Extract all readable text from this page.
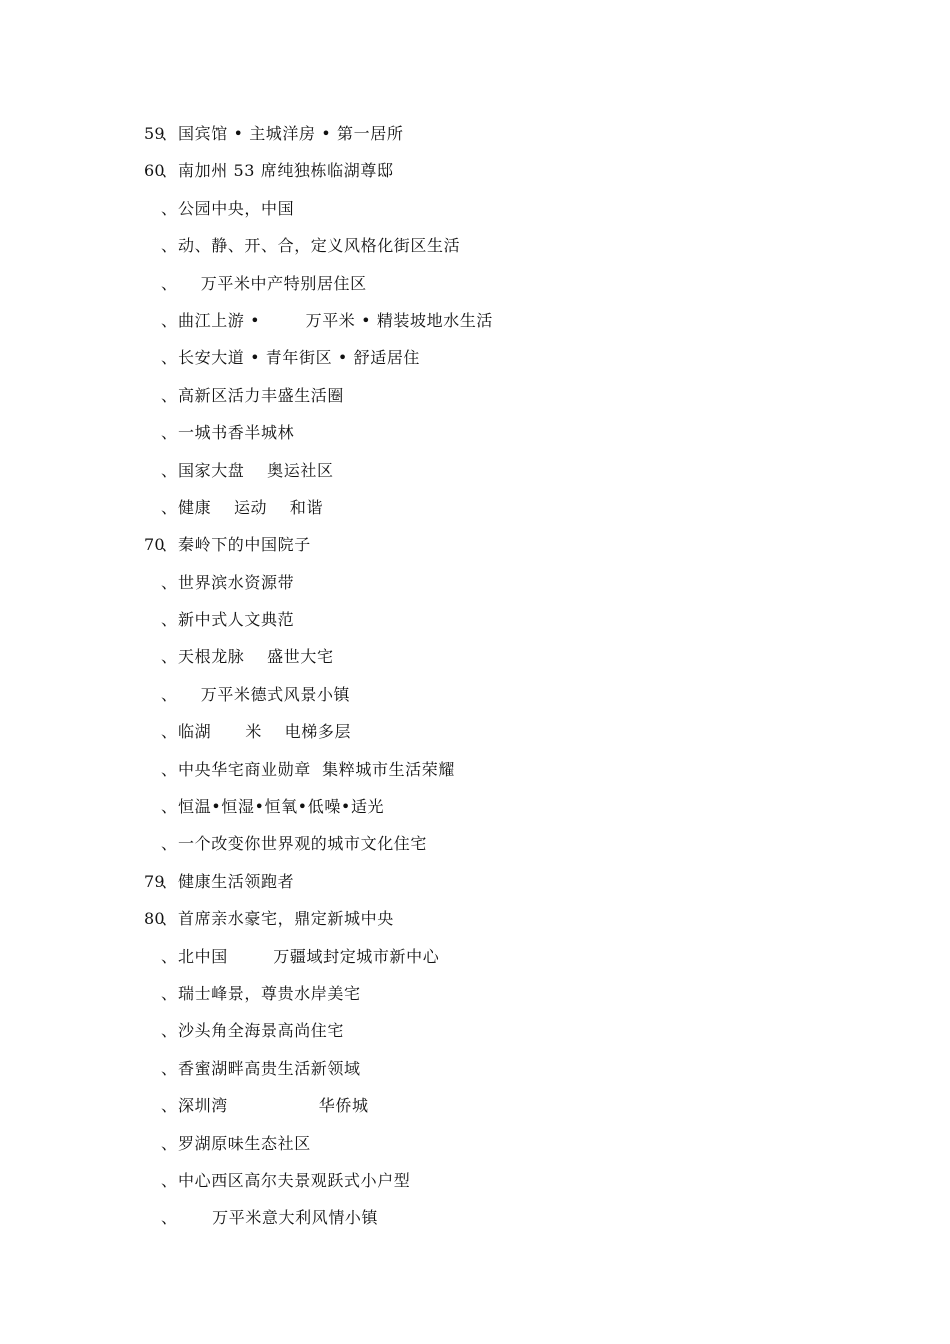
59
、 国宾馆 • 主城洋房 • 第一居所
60
、 南加州 53 席纯独栋临湖尊邸
、 公园中央，中国
、 动、静、开、合，定义风格化街区生活
、 万平米中产特别居住区
、 曲江上游 •        万平米 • 精装坡地水生活
、 长安大道 • 青年街区 • 舒适居住
、 高新区活力丰盛生活圈
、 一城书香半城林
、 国家大盘    奥运社区
、 健康    运动    和谐
70
、 秦岭下的中国院子
、 世界滨水资源带
、 新中式人文典范
、 天根龙脉    盛世大宅
、 万平米德式风景小镇
、 临湖      米    电梯多层
、 中央华宅商业勋章  集粹城市生活荣耀
、 恒温•恒湿•恒氧•低噪•适光
、 一个改变你世界观的城市文化住宅
79
、 健康生活领跑者
80
、 首席亲水豪宅，鼎定新城中央
、 北中国        万疆域封定城市新中心
、 瑞士峰景，尊贵水岸美宅
、 沙头角全海景高尚住宅
、 香蜜湖畔高贵生活新领域
、 深圳湾                华侨城
、 罗湖原味生态社区
、 中心西区高尔夫景观跃式小户型
、 万平米意大利风情小镇
